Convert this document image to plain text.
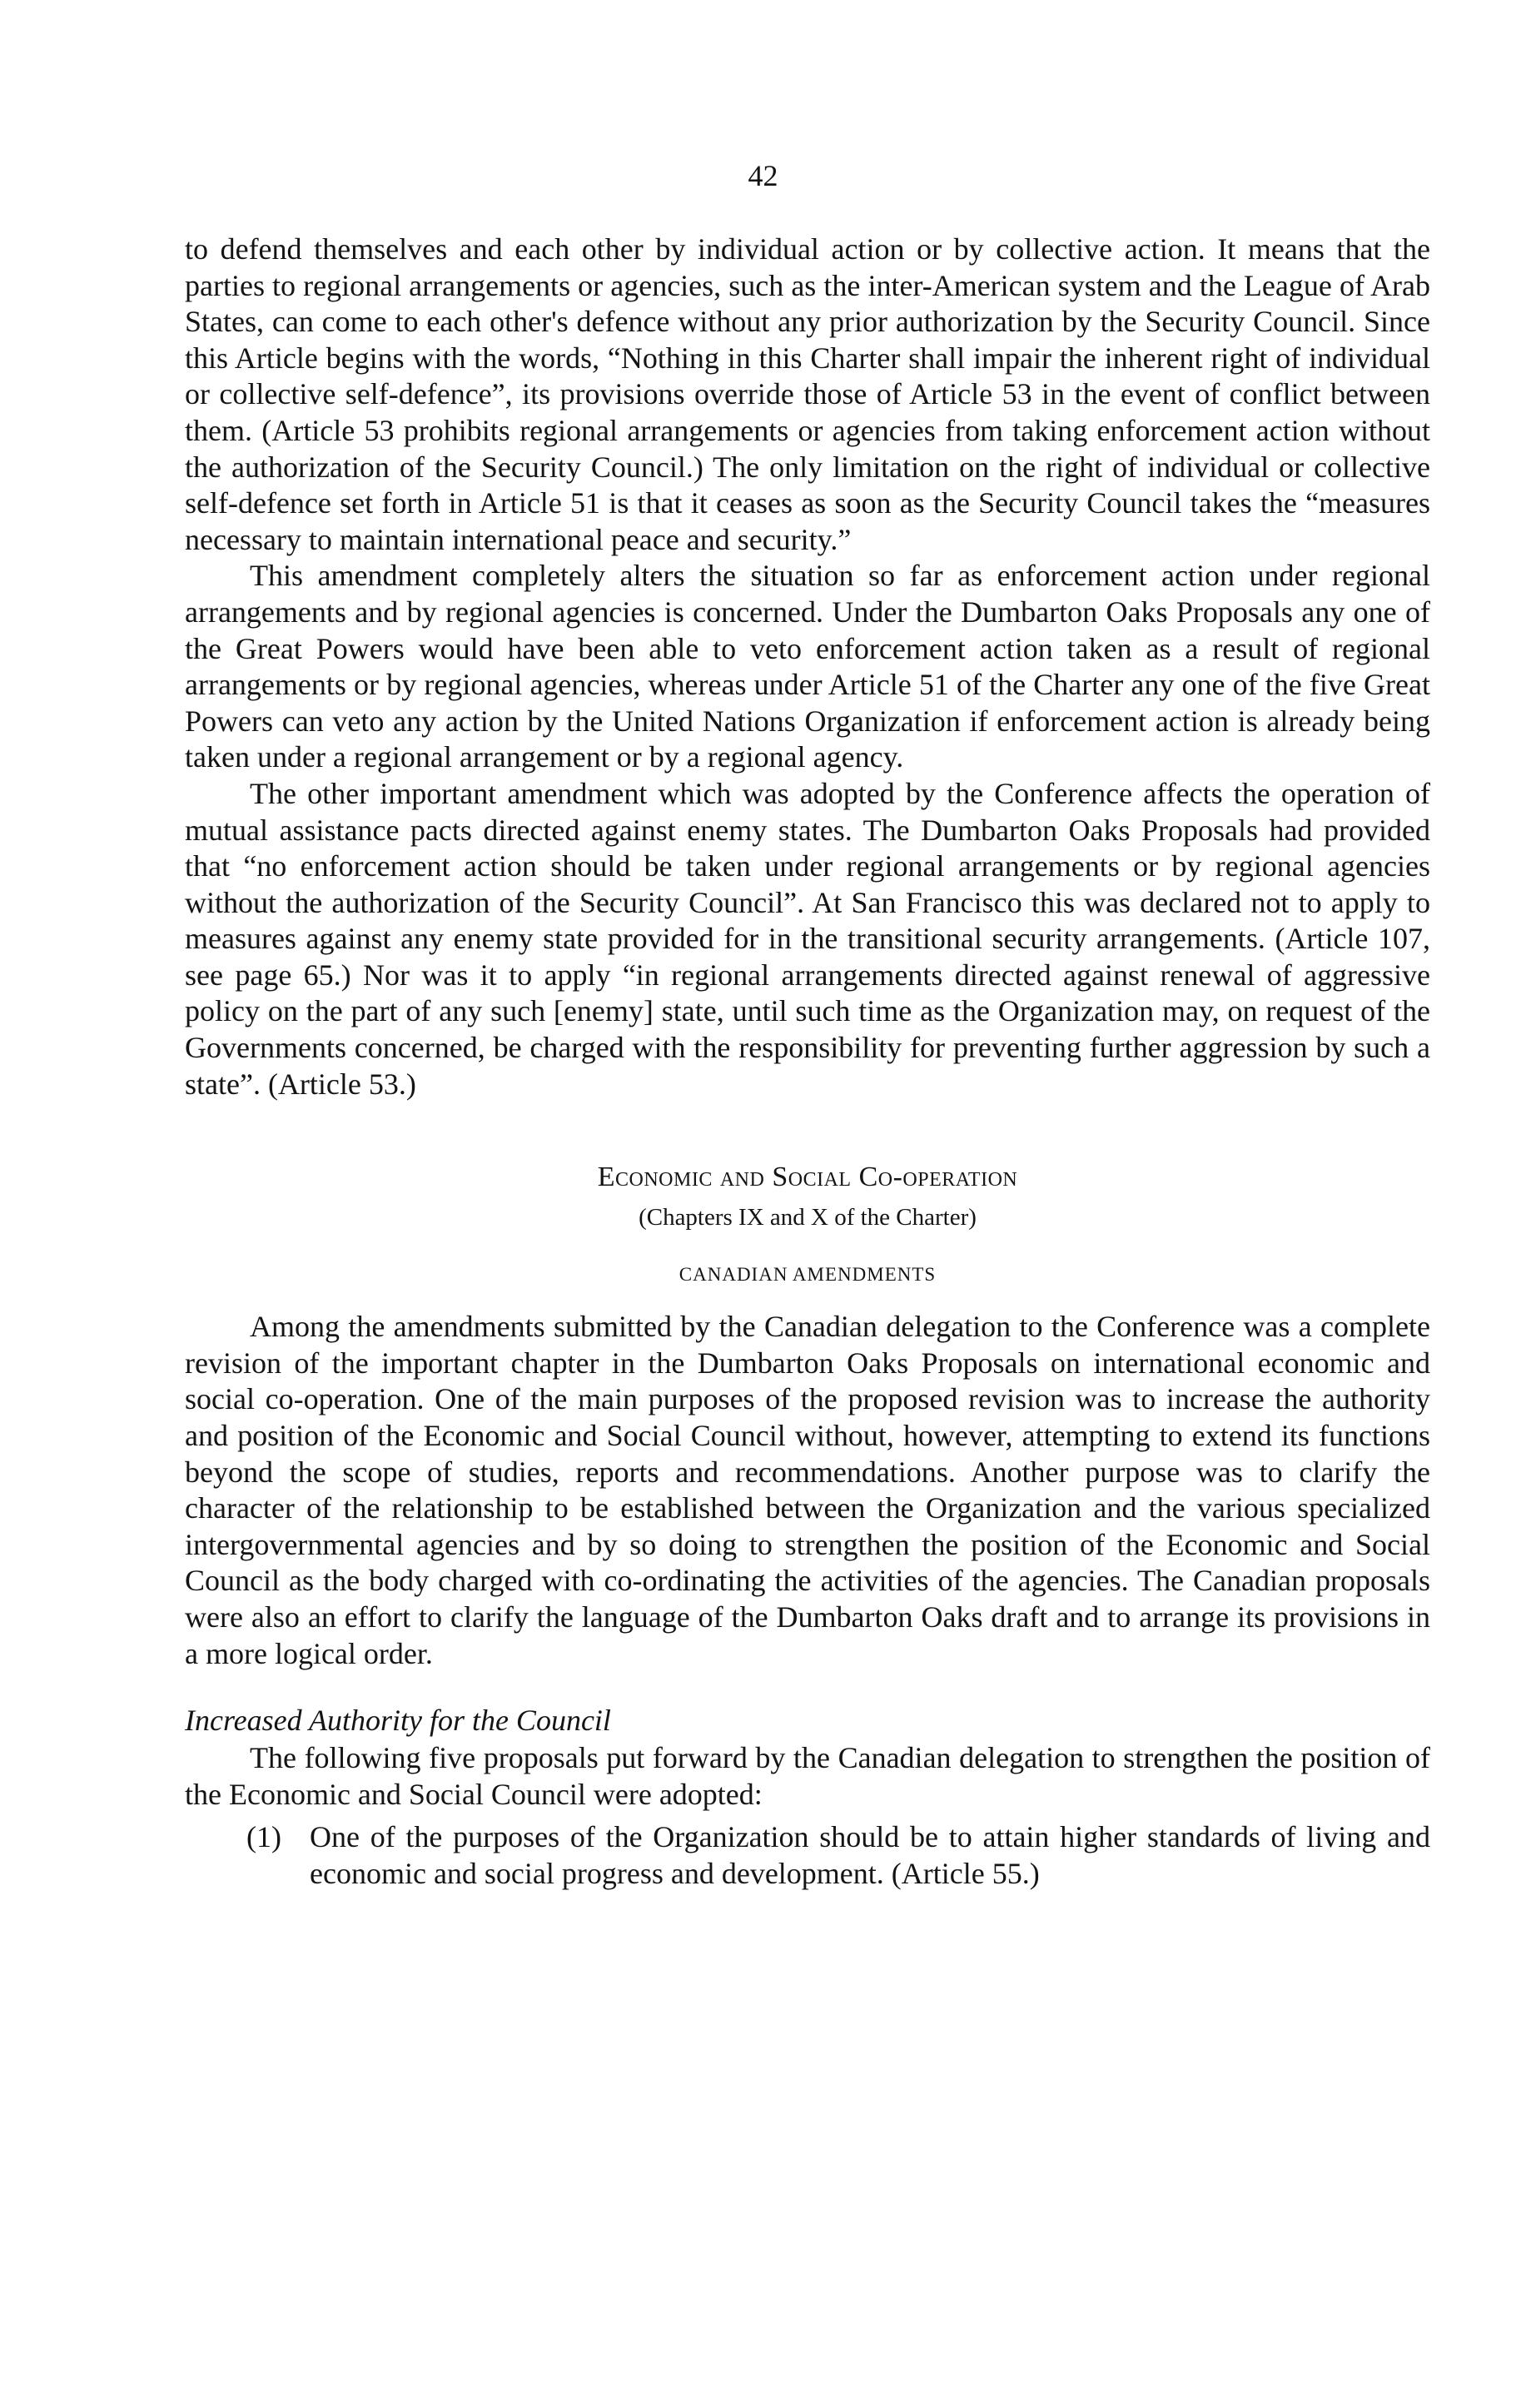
42

to defend themselves and each other by individual action or by collective action. It means that the parties to regional arrangements or agencies, such as the inter-American system and the League of Arab States, can come to each other's defence without any prior authorization by the Security Council. Since this Article begins with the words, “Nothing in this Charter shall impair the inherent right of individual or collective self-defence”, its provisions override those of Article 53 in the event of conflict between them. (Article 53 prohibits regional arrangements or agencies from taking enforcement action without the authorization of the Security Council.) The only limitation on the right of individual or collective self-defence set forth in Article 51 is that it ceases as soon as the Security Council takes the “measures necessary to maintain international peace and security.”

This amendment completely alters the situation so far as enforcement action under regional arrangements and by regional agencies is concerned. Under the Dumbarton Oaks Proposals any one of the Great Powers would have been able to veto enforcement action taken as a result of regional arrangements or by regional agencies, whereas under Article 51 of the Charter any one of the five Great Powers can veto any action by the United Nations Organization if enforcement action is already being taken under a regional arrangement or by a regional agency.

The other important amendment which was adopted by the Conference affects the operation of mutual assistance pacts directed against enemy states. The Dumbarton Oaks Proposals had provided that “no enforcement action should be taken under regional arrangements or by regional agencies without the authorization of the Security Council”. At San Francisco this was declared not to apply to measures against any enemy state provided for in the transitional security arrangements. (Article 107, see page 65.) Nor was it to apply “in regional arrangements directed against renewal of aggressive policy on the part of any such [enemy] state, until such time as the Organization may, on request of the Governments concerned, be charged with the responsibility for preventing further aggression by such a state”. (Article 53.)

Economic and Social Co-operation
(Chapters IX and X of the Charter)
CANADIAN AMENDMENTS

Among the amendments submitted by the Canadian delegation to the Conference was a complete revision of the important chapter in the Dumbarton Oaks Proposals on international economic and social co-operation. One of the main purposes of the proposed revision was to increase the authority and position of the Economic and Social Council without, however, attempting to extend its functions beyond the scope of studies, reports and recommendations. Another purpose was to clarify the character of the relationship to be established between the Organization and the various specialized intergovernmental agencies and by so doing to strengthen the position of the Economic and Social Council as the body charged with co-ordinating the activities of the agencies. The Canadian proposals were also an effort to clarify the language of the Dumbarton Oaks draft and to arrange its provisions in a more logical order.

Increased Authority for the Council

The following five proposals put forward by the Canadian delegation to strengthen the position of the Economic and Social Council were adopted:

(1) One of the purposes of the Organization should be to attain higher standards of living and economic and social progress and development. (Article 55.)
